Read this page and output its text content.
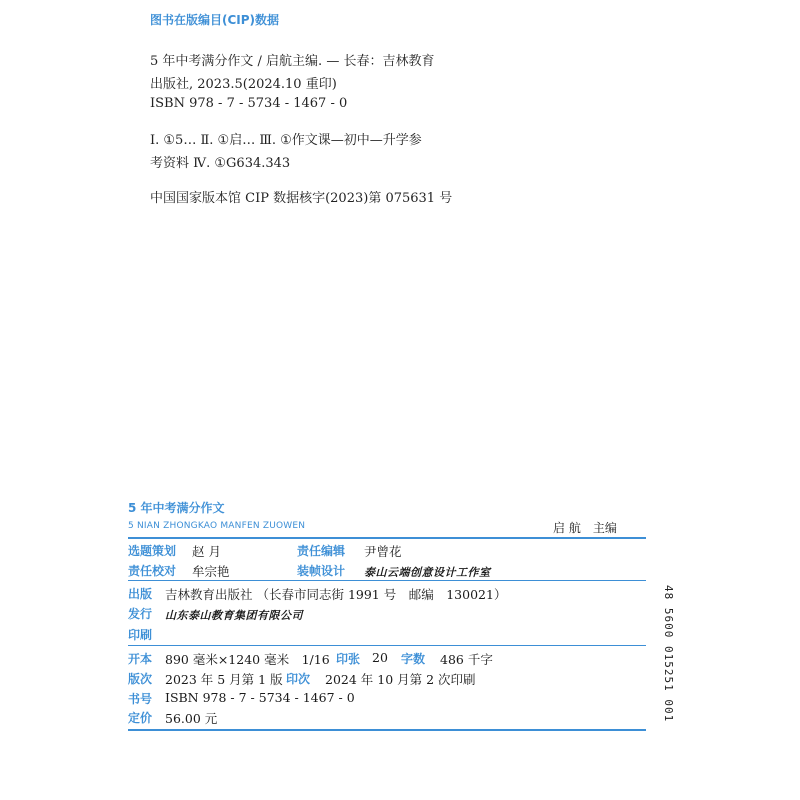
图书在版编目(CIP)数据
5 年中考满分作文 / 启航主编. — 长春：吉林教育
出版社, 2023.5(2024.10 重印)
ISBN 978 - 7 - 5734 - 1467 - 0
Ⅰ. ①5… Ⅱ. ①启… Ⅲ. ①作文课—初中—升学参
考资料 Ⅳ. ①G634.343
中国国家版本馆 CIP 数据核字(2023)第 075631 号
5 年中考满分作文
5 NIAN ZHONGKAO MANFEN ZUOWEN	启 航 主编
选题策划 赵 月	责任编辑 尹曾花
责任校对 牟宗艳	装帧设计 泰山云端创意设计工作室
出版 吉林教育出版社 （长春市同志街 1991 号　邮编　130021）
发行 山东泰山教育集团有限公司
印刷
开本 890 毫米×1240 毫米　1/16 印张 20 字数 486 千字
版次 2023 年 5 月第 1 版 印次 2024 年 10 月第 2 次印刷
书号 ISBN 978 - 7 - 5734 - 1467 - 0
定价 56.00 元	48 5600 015251 001
